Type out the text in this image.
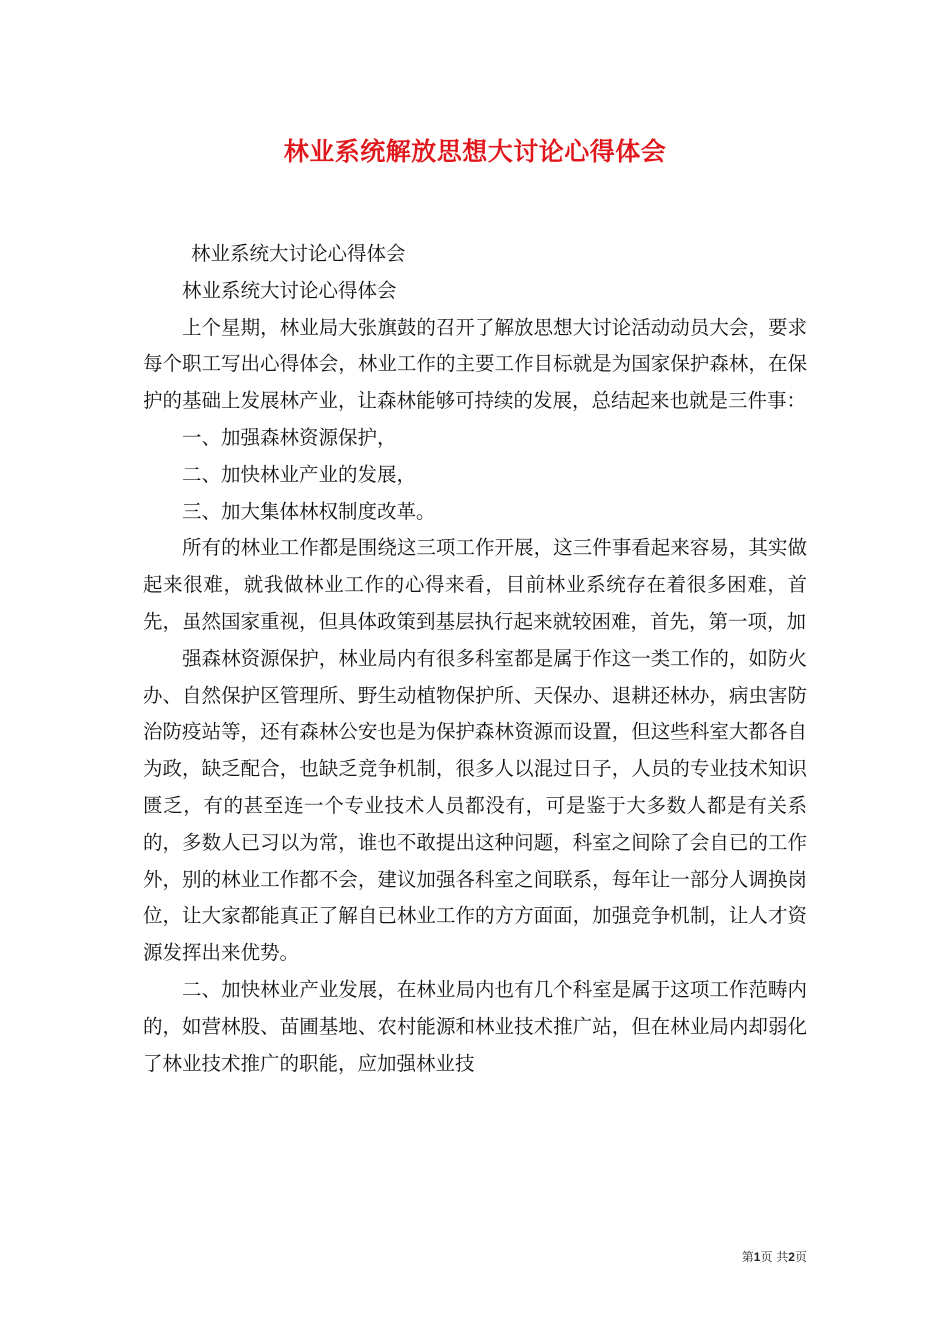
林业系统解放思想大讨论心得体会

林业系统大讨论心得体会

林业系统大讨论心得体会

上个星期，林业局大张旗鼓的召开了解放思想大讨论活动动员大会，要求每个职工写出心得体会，林业工作的主要工作目标就是为国家保护森林，在保护的基础上发展林产业，让森林能够可持续的发展，总结起来也就是三件事：

一、加强森林资源保护，

二、加快林业产业的发展，

三、加大集体林权制度改革。

所有的林业工作都是围绕这三项工作开展，这三件事看起来容易，其实做起来很难，就我做林业工作的心得来看，目前林业系统存在着很多困难，首先，虽然国家重视，但具体政策到基层执行起来就较困难，首先，第一项，加

强森林资源保护，林业局内有很多科室都是属于作这一类工作的，如防火办、自然保护区管理所、野生动植物保护所、天保办、退耕还林办，病虫害防治防疫站等，还有森林公安也是为保护森林资源而设置，但这些科室大都各自为政，缺乏配合，也缺乏竞争机制，很多人以混过日子，人员的专业技术知识匮乏，有的甚至连一个专业技术人员都没有，可是鉴于大多数人都是有关系的，多数人已习以为常，谁也不敢提出这种问题，科室之间除了会自已的工作外，别的林业工作都不会，建议加强各科室之间联系，每年让一部分人调换岗位，让大家都能真正了解自已林业工作的方方面面，加强竞争机制，让人才资源发挥出来优势。

二、加快林业产业发展，在林业局内也有几个科室是属于这项工作范畴内的，如营林股、苗圃基地、农村能源和林业技术推广站，但在林业局内却弱化了林业技术推广的职能，应加强林业技

第1页 共2页
